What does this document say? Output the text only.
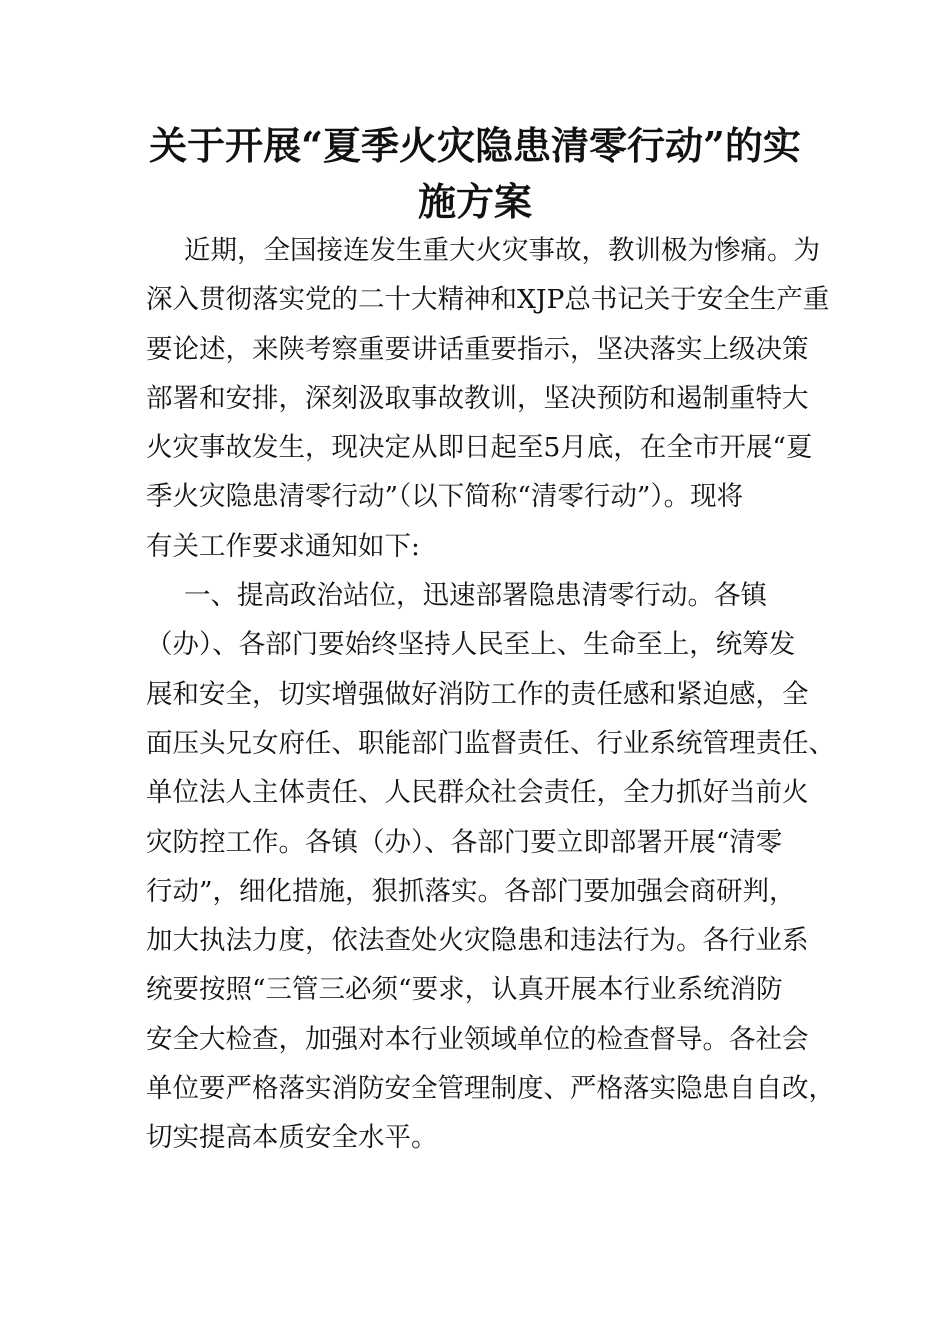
关于开展“夏季火灾隐患清零行动”的实
施方案
近期，全国接连发生重大火灾事故，教训极为惨痛。为
深入贯彻落实党的二十大精神和XJP总书记关于安全生产重
要论述，来陕考察重要讲话重要指示，坚决落实上级决策
部署和安排，深刻汲取事故教训，坚决预防和遏制重特大
火灾事故发生，现决定从即日起至5月底，在全市开展“夏
季火灾隐患清零行动”（以下简称“清零行动”）。现将
有关工作要求通知如下:
一、提高政治站位，迅速部署隐患清零行动。各镇
（办）、各部门要始终坚持人民至上、生命至上，统筹发
展和安全，切实增强做好消防工作的责任感和紧迫感，全
面压头兄女府任、职能部门监督责任、行业系统管理责任、
单位法人主体责任、人民群众社会责任，全力抓好当前火
灾防控工作。各镇（办）、各部门要立即部署开展“清零
行动”，细化措施，狠抓落实。各部门要加强会商研判，
加大执法力度，依法查处火灾隐患和违法行为。各行业系
统要按照“三管三必须“要求，认真开展本行业系统消防
安全大检查，加强对本行业领域单位的检查督导。各社会
单位要严格落实消防安全管理制度、严格落实隐患自自改，
切实提高本质安全水平。
